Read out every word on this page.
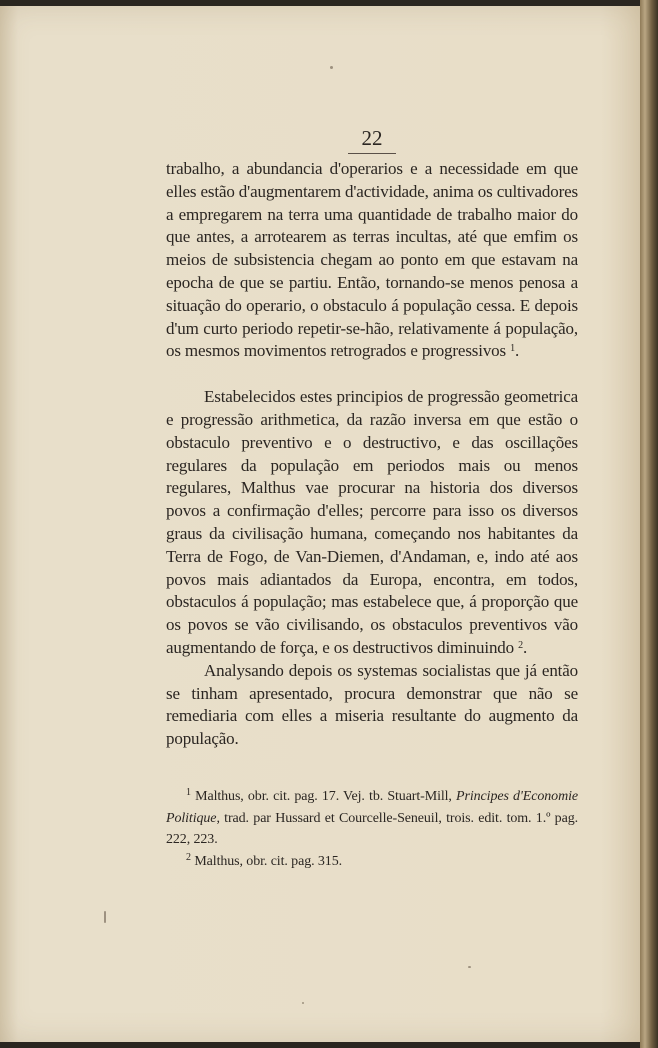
22

trabalho, a abundancia d'operarios e a necessidade em que elles estão d'augmentarem d'actividade, anima os cultivadores a empregarem na terra uma quantidade de trabalho maior do que antes, a arrotearem as terras incultas, até que emfim os meios de subsistencia chegam ao ponto em que estavam na epocha de que se partiu. Então, tornando-se menos penosa a situação do operario, o obstaculo á população cessa. E depois d'um curto periodo repetir-se-hão, relativamente á população, os mesmos movimentos retrogrados e progressivos $^1$.

Estabelecidos estes principios de progressão geometrica e progressão arithmetica, da razão inversa em que estão o obstaculo preventivo e o destructivo, e das oscillações regulares da população em periodos mais ou menos regulares, Malthus vae procurar na historia dos diversos povos a confirmação d'elles; percorre para isso os diversos graus da civilisação humana, começando nos habitantes da Terra de Fogo, de Van-Diemen, d'Andaman, e, indo até aos povos mais adiantados da Europa, encontra, em todos, obstaculos á população; mas estabelece que, á proporção que os povos se vão civilisando, os obstaculos preventivos vão augmentando de força, e os destructivos diminuindo $^2$.

Analysando depois os systemas socialistas que já então se tinham apresentado, procura demonstrar que não se remediaria com elles a miseria resultante do augmento da população.

$^1$ Malthus, obr. cit. pag. 17. Vej. tb. Stuart-Mill, Principes d'Economie Politique, trad. par Hussard et Courcelle-Seneuil, trois. edit. tom. 1.º pag. 222, 223.

$^2$ Malthus, obr. cit. pag. 315.
